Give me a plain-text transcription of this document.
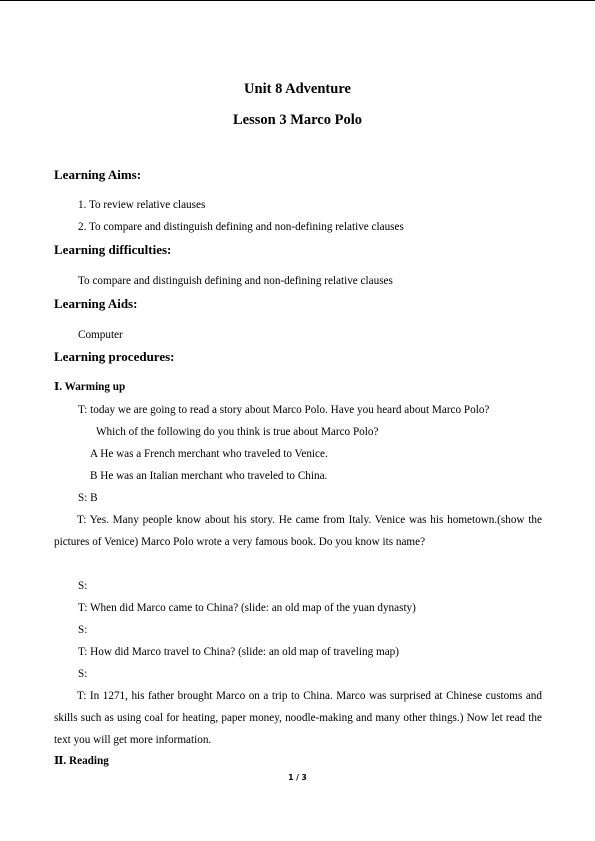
Unit 8 Adventure
Lesson 3 Marco Polo
Learning Aims:
1. To review relative clauses
2. To compare and distinguish defining and non-defining relative clauses
Learning difficulties:
To compare and distinguish defining and non-defining relative clauses
Learning Aids:
Computer
Learning procedures:
Ⅰ. Warming up
T: today we are going to read a story about Marco Polo. Have you heard about Marco Polo?
Which of the following do you think is true about Marco Polo?
A He was a French merchant who traveled to Venice.
B He was an Italian merchant who traveled to China.
S: B
T: Yes. Many people know about his story. He came from Italy. Venice was his hometown.(show the pictures of Venice) Marco Polo wrote a very famous book. Do you know its name?
S:
T: When did Marco came to China? (slide: an old map of the yuan dynasty)
S:
T: How did Marco travel to China? (slide: an old map of traveling map)
S:
T: In 1271, his father brought Marco on a trip to China. Marco was surprised at Chinese customs and skills such as using coal for heating, paper money, noodle-making and many other things.) Now let read the text you will get more information.
Ⅱ. Reading
1 / 3
